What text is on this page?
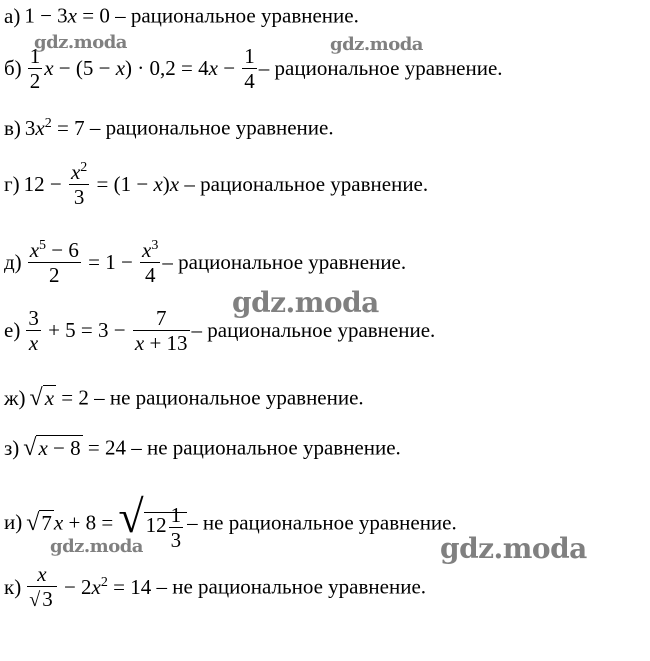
а) 1 − 3x = 0 – рациональное уравнение.
$б) \frac{1}{2}$ $x - (5 - x) \cdot 0,2 = 4x - \frac{1}{4}$ – рациональное уравнение.
в) $3x^2 = 7$ – рациональное уравнение.
г) $12 - \frac{x^2}{3} = (1 - x)x$ – рациональное уравнение.
$д) \frac{x^5 - 6}{2} = 1 - \frac{x^3}{4}$ – рациональное уравнение.
$е) \frac{3}{x} + 5 = 3 - \frac{7}{x + 13}$ – рациональное уравнение.
ж) √x = 2 – не рациональное уравнение.
з) √x − 8 = 24 – не рациональное уравнение.
и) $√7x + 8 = √12 \frac{1}{3}$ – не рациональное уравнение.
$к) \frac{x}{√3} - 2x^2 = 14$ – не рациональное уравнение.
gdz.moda	gdz.moda
gdz.moda
gdz.moda	gdz.moda
